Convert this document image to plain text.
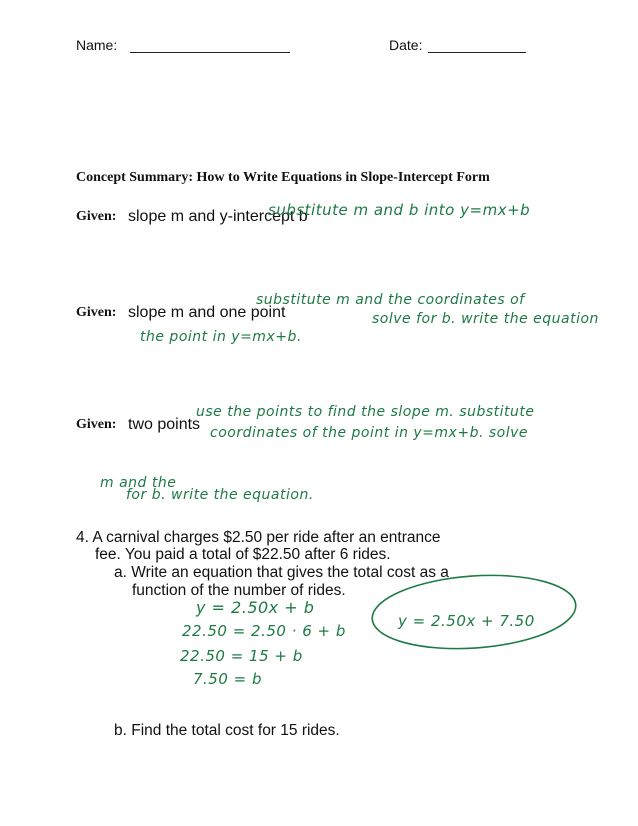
Name:	Date:
Concept Summary: How to Write Equations in Slope-Intercept Form
Given: slope m and y-intercept b
substitute m and b into y=mx+b
Given: slope m and one point
substitute m and the coordinates of
solve for b. write the equation
the point in y=mx+b.
Given: two points
use the points to find the slope m. substitute
coordinates of the point in y=mx+b. solve
m and the
for b. write the equation.
4. A carnival charges $2.50 per ride after an entrance
fee. You paid a total of $22.50 after 6 rides.
a. Write an equation that gives the total cost as a
function of the number of rides.
y = 2.50x + b
22.50 = 2.50 · 6 + b
22.50 = 15 + b
7.50 = b
y = 2.50x + 7.50
b. Find the total cost for 15 rides.
